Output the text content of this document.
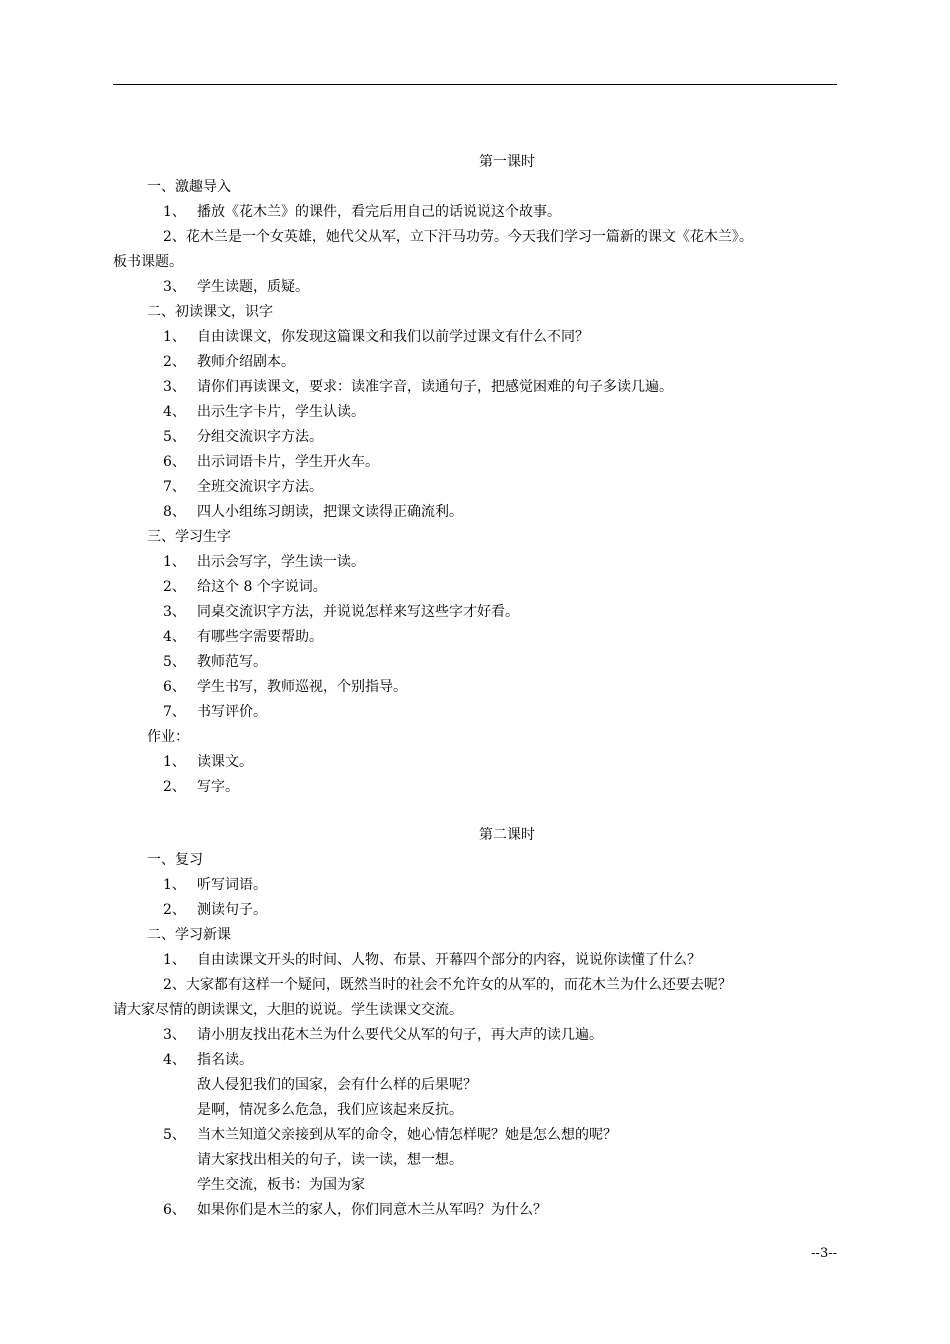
第一课时
一、激趣导入
1、 播放《花木兰》的课件，看完后用自己的话说说这个故事。
2、花木兰是一个女英雄，她代父从军，立下汗马功劳。今天我们学习一篇新的课文《花木兰》。
板书课题。
3、 学生读题，质疑。
二、初读课文，识字
1、 自由读课文，你发现这篇课文和我们以前学过课文有什么不同？
2、 教师介绍剧本。
3、 请你们再读课文，要求：读准字音，读通句子，把感觉困难的句子多读几遍。
4、 出示生字卡片，学生认读。
5、 分组交流识字方法。
6、 出示词语卡片，学生开火车。
7、 全班交流识字方法。
8、 四人小组练习朗读，把课文读得正确流利。
三、学习生字
1、 出示会写字，学生读一读。
2、 给这个 8 个字说词。
3、 同桌交流识字方法，并说说怎样来写这些字才好看。
4、 有哪些字需要帮助。
5、 教师范写。
6、 学生书写，教师巡视，个别指导。
7、 书写评价。
作业：
1、 读课文。
2、 写字。
第二课时
一、复习
1、 听写词语。
2、 测读句子。
二、学习新课
1、 自由读课文开头的时间、人物、布景、开幕四个部分的内容，说说你读懂了什么？
2、大家都有这样一个疑问，既然当时的社会不允许女的从军的，而花木兰为什么还要去呢？
请大家尽情的朗读课文，大胆的说说。学生读课文交流。
3、 请小朋友找出花木兰为什么要代父从军的句子，再大声的读几遍。
4、 指名读。
敌人侵犯我们的国家，会有什么样的后果呢？
是啊，情况多么危急，我们应该起来反抗。
5、 当木兰知道父亲接到从军的命令，她心情怎样呢？她是怎么想的呢？
请大家找出相关的句子，读一读，想一想。
学生交流，板书：为国为家
6、 如果你们是木兰的家人，你们同意木兰从军吗？为什么？
--3--
